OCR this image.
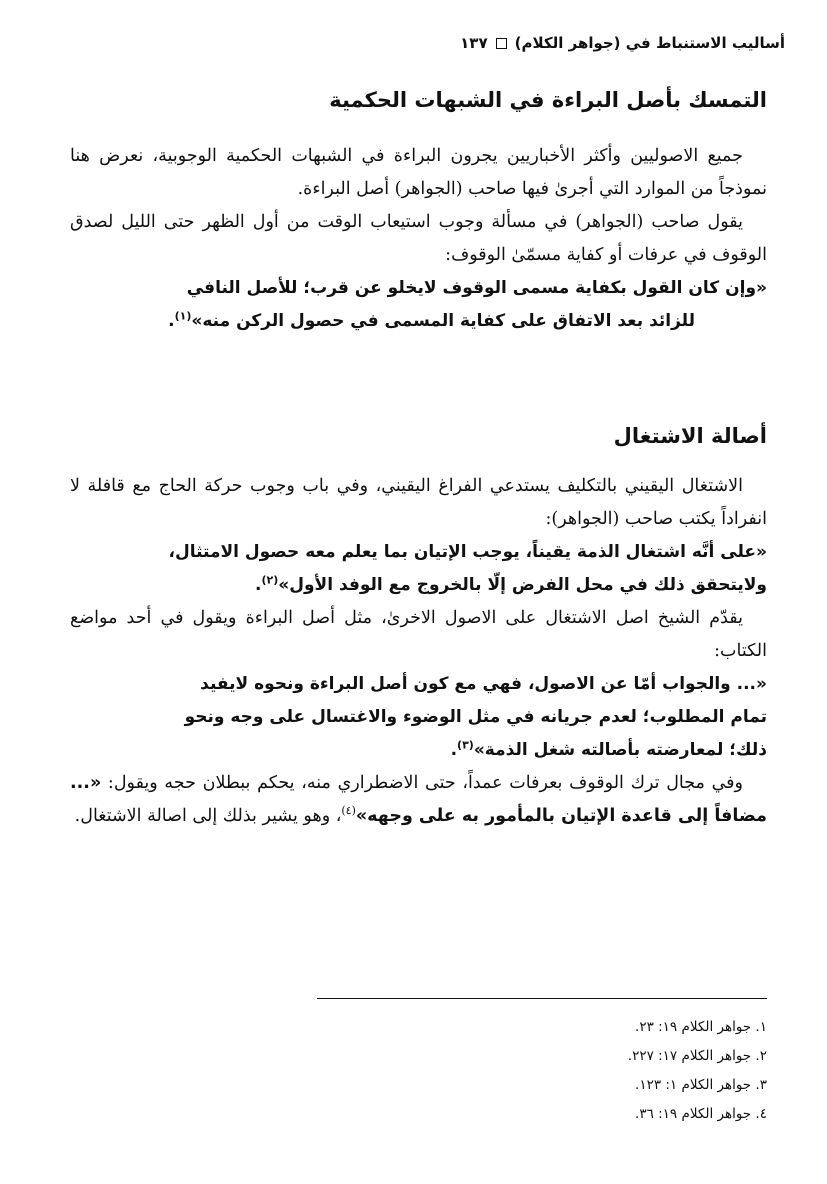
أساليب الاستنباط في (جواهر الكلام)
١٣٧
التمسك بأصل البراءة في الشبهات الحكمية

جميع الاصوليين وأكثر الأخباريين يجرون البراءة في الشبهات الحكمية الوجوبية، نعرض هنا نموذجاً من الموارد التي أجرىٰ فيها صاحب (الجواهر) أصل البراءة.

يقول صاحب (الجواهر) في مسألة وجوب استيعاب الوقت من أول الظهر حتى الليل لصدق الوقوف في عرفات أو كفاية مسمّىٰ الوقوف:

«وإن كان القول بكفاية مسمى الوقوف لايخلو عن قرب؛ للأصل النافي

للزائد بعد الاتفاق على كفاية المسمى في حصول الركن منه»$^{(١)}$.

أصالة الاشتغال

الاشتغال اليقيني بالتكليف يستدعي الفراغ اليقيني، وفي باب وجوب حركة الحاج مع قافلة لا انفراداً يكتب صاحب (الجواهر):

«على أنَّه اشتغال الذمة يقيناً، يوجب الإتيان بما يعلم معه حصول الامتثال،

ولايتحقق ذلك في محل الفرض إلّا بالخروج مع الوفد الأول»$^{(٢)}$.

يقدّم الشيخ اصل الاشتغال على الاصول الاخرىٰ، مثل أصل البراءة ويقول في أحد مواضع الكتاب:

«... والجواب أمّا عن الاصول، فهي مع كون أصل البراءة ونحوه لايفيد

تمام المطلوب؛ لعدم جريانه في مثل الوضوء والاغتسال على وجه ونحو

ذلك؛ لمعارضته بأصالته شغل الذمة»$^{(٣)}$.

وفي مجال ترك الوقوف بعرفات عمداً، حتى الاضطراري منه، يحكم ببطلان حجه ويقول: «... مضافاً إلى قاعدة الإتيان بالمأمور به على وجهه»$^{(٤)}$، وهو يشير بذلك إلى اصالة الاشتغال.

١. جواهر الكلام ١٩: ٢٣.
٢. جواهر الكلام ١٧: ٢٢٧.
٣. جواهر الكلام ١: ١٢٣.
٤. جواهر الكلام ١٩: ٣٦.
